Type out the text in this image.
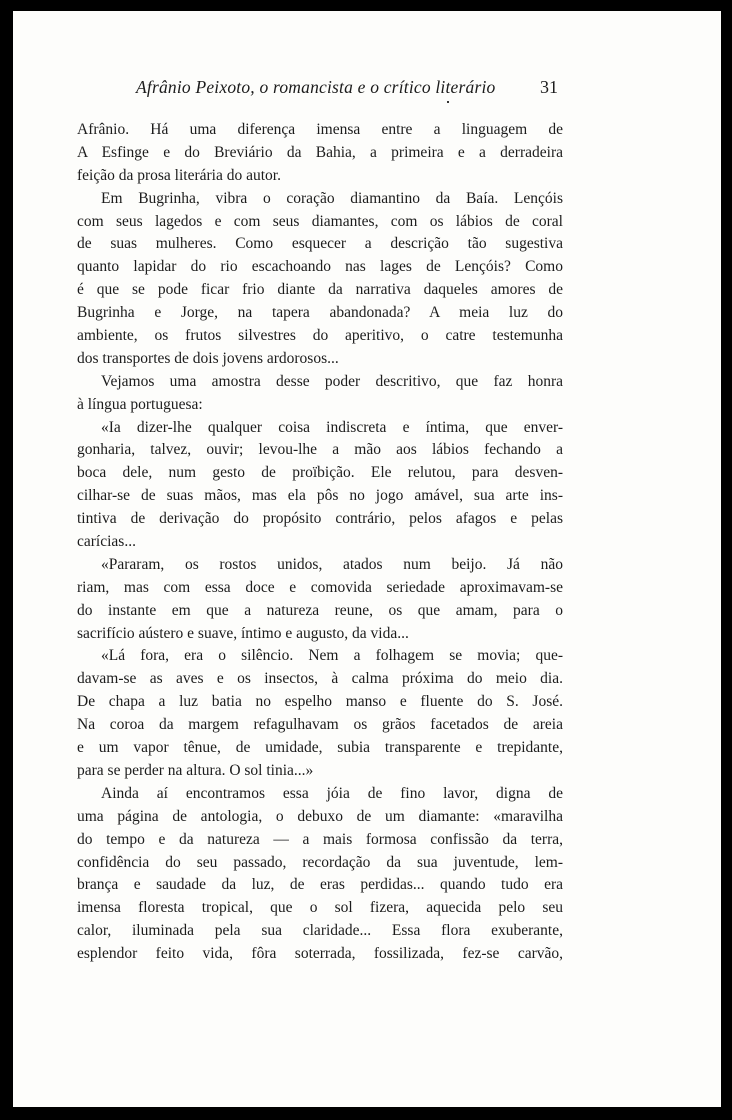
Afrânio Peixoto, o romancista e o crítico literário 31
Afrânio. Há uma diferença imensa entre a linguagem de
A Esfinge e do Breviário da Bahia, a primeira e a derradeira
feição da prosa literária do autor.
Em Bugrinha, vibra o coração diamantino da Baía. Lençóis
com seus lagedos e com seus diamantes, com os lábios de coral
de suas mulheres. Como esquecer a descrição tão sugestiva
quanto lapidar do rio escachoando nas lages de Lençóis? Como
é que se pode ficar frio diante da narrativa daqueles amores de
Bugrinha e Jorge, na tapera abandonada? A meia luz do
ambiente, os frutos silvestres do aperitivo, o catre testemunha
dos transportes de dois jovens ardorosos...
Vejamos uma amostra desse poder descritivo, que faz honra
à língua portuguesa:
«Ia dizer-lhe qualquer coisa indiscreta e íntima, que enver-
gonharia, talvez, ouvir; levou-lhe a mão aos lábios fechando a
boca dele, num gesto de proïbição. Ele relutou, para desven-
cilhar-se de suas mãos, mas ela pôs no jogo amável, sua arte ins-
tintiva de derivação do propósito contrário, pelos afagos e pelas
carícias...
«Pararam, os rostos unidos, atados num beijo. Já não
riam, mas com essa doce e comovida seriedade aproximavam-se
do instante em que a natureza reune, os que amam, para o
sacrifício aústero e suave, íntimo e augusto, da vida...
«Lá fora, era o silêncio. Nem a folhagem se movia; que-
davam-se as aves e os insectos, à calma próxima do meio dia.
De chapa a luz batia no espelho manso e fluente do S. José.
Na coroa da margem refagulhavam os grãos facetados de areia
e um vapor tênue, de umidade, subia transparente e trepidante,
para se perder na altura. O sol tinia...»
Ainda aí encontramos essa jóia de fino lavor, digna de
uma página de antologia, o debuxo de um diamante: «maravilha
do tempo e da natureza — a mais formosa confissão da terra,
confidência do seu passado, recordação da sua juventude, lem-
brança e saudade da luz, de eras perdidas... quando tudo era
imensa floresta tropical, que o sol fizera, aquecida pelo seu
calor, iluminada pela sua claridade... Essa flora exuberante,
esplendor feito vida, fôra soterrada, fossilizada, fez-se carvão,
